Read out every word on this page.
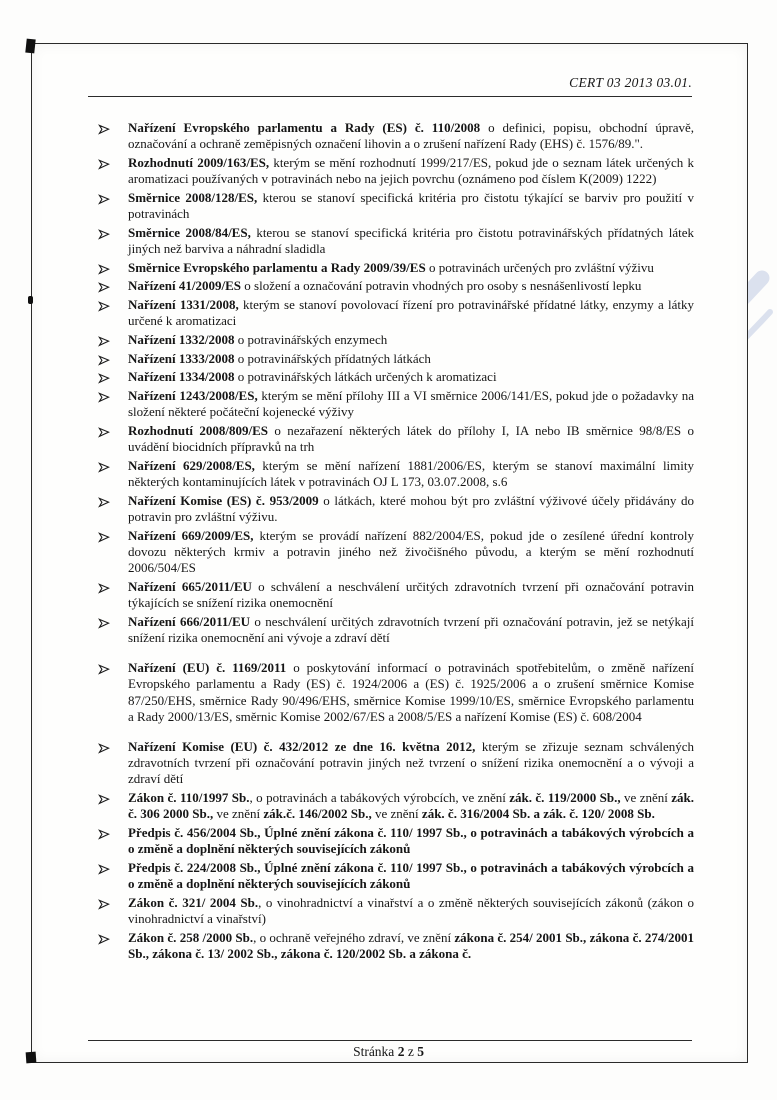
CERT 03 2013 03.01.
Nařízení Evropského parlamentu a Rady (ES) č. 110/2008 o definici, popisu, obchodní úpravě, označování a ochraně zeměpisných označení lihovin a o zrušení nařízení Rady (EHS) č. 1576/89.".
Rozhodnutí 2009/163/ES, kterým se mění rozhodnutí 1999/217/ES, pokud jde o seznam látek určených k aromatizaci používaných v potravinách nebo na jejich povrchu (oznámeno pod číslem K(2009) 1222)
Směrnice 2008/128/ES, kterou se stanoví specifická kritéria pro čistotu týkající se barviv pro použití v potravinách
Směrnice 2008/84/ES, kterou se stanoví specifická kritéria pro čistotu potravinářských přídatných látek jiných než barviva a náhradní sladidla
Směrnice Evropského parlamentu a Rady 2009/39/ES o potravinách určených pro zvláštní výživu
Nařízení 41/2009/ES o složení a označování potravin vhodných pro osoby s nesnášenlivostí lepku
Nařízení 1331/2008, kterým se stanoví povolovací řízení pro potravinářské přídatné látky, enzymy a látky určené k aromatizaci
Nařízení 1332/2008 o potravinářských enzymech
Nařízení 1333/2008 o potravinářských přídatných látkách
Nařízení 1334/2008 o potravinářských látkách určených k aromatizaci
Nařízení 1243/2008/ES, kterým se mění přílohy III a VI směrnice 2006/141/ES, pokud jde o požadavky na složení některé počáteční kojenecké výživy
Rozhodnutí 2008/809/ES o nezařazení některých látek do přílohy I, IA nebo IB směrnice 98/8/ES o uvádění biocidních přípravků na trh
Nařízení 629/2008/ES, kterým se mění nařízení 1881/2006/ES, kterým se stanoví maximální limity některých kontaminujících látek v potravinách OJ L 173, 03.07.2008, s.6
Nařízení Komise (ES) č. 953/2009 o látkách, které mohou být pro zvláštní výživové účely přidávány do potravin pro zvláštní výživu.
Nařízení 669/2009/ES, kterým se provádí nařízení 882/2004/ES, pokud jde o zesílené úřední kontroly dovozu některých krmiv a potravin jiného než živočišného původu, a kterým se mění rozhodnutí 2006/504/ES
Nařízení 665/2011/EU o schválení a neschválení určitých zdravotních tvrzení při označování potravin týkajících se snížení rizika onemocnění
Nařízení 666/2011/EU o neschválení určitých zdravotních tvrzení při označování potravin, jež se netýkají snížení rizika onemocnění ani vývoje a zdraví dětí
Nařízení (EU) č. 1169/2011 o poskytování informací o potravinách spotřebitelům, o změně nařízení Evropského parlamentu a Rady (ES) č. 1924/2006 a (ES) č. 1925/2006 a o zrušení směrnice Komise 87/250/EHS, směrnice Rady 90/496/EHS, směrnice Komise 1999/10/ES, směrnice Evropského parlamentu a Rady 2000/13/ES, směrnic Komise 2002/67/ES a 2008/5/ES a nařízení Komise (ES) č. 608/2004
Nařízení Komise (EU) č. 432/2012 ze dne 16. května 2012, kterým se zřizuje seznam schválených zdravotních tvrzení při označování potravin jiných než tvrzení o snížení rizika onemocnění a o vývoji a zdraví dětí
Zákon č. 110/1997 Sb., o potravinách a tabákových výrobcích, ve znění zák. č. 119/2000 Sb., ve znění zák. č. 306 2000 Sb., ve znění zák.č. 146/2002 Sb., ve znění zák. č. 316/2004 Sb. a zák. č. 120/ 2008 Sb.
Předpis č. 456/2004 Sb., Úplné znění zákona č. 110/ 1997 Sb., o potravinách a tabákových výrobcích a o změně a doplnění některých souvisejících zákonů
Předpis č. 224/2008 Sb., Úplné znění zákona č. 110/ 1997 Sb., o potravinách a tabákových výrobcích a o změně a doplnění některých souvisejících zákonů
Zákon č. 321/ 2004 Sb., o vinohradnictví a vinařství a o změně některých souvisejících zákonů (zákon o vinohradnictví a vinařství)
Zákon č. 258 /2000 Sb., o ochraně veřejného zdraví, ve znění zákona č. 254/ 2001 Sb., zákona č. 274/2001 Sb., zákona č. 13/ 2002 Sb., zákona č. 120/2002 Sb. a zákona č.
Stránka 2 z 5
